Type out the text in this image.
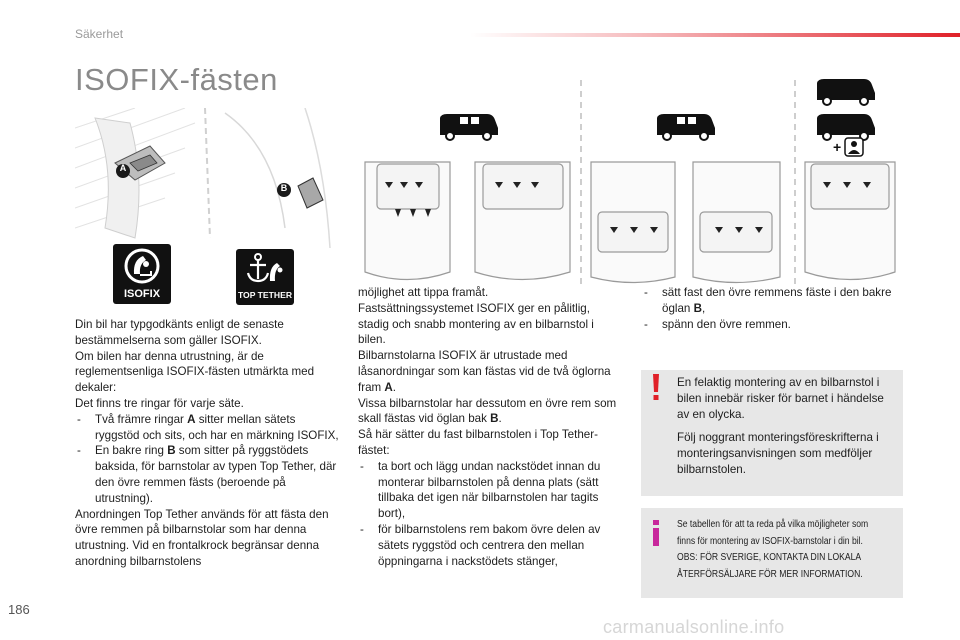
Säkerhet
ISOFIX-fästen
A
B
ISOFIX	TOP TETHER
+

Din bil har typgodkänts enligt de senaste bestämmelserna som gäller ISOFIX.

Om bilen har denna utrustning, är de reglementsenliga ISOFIX-fästen utmärkta med dekaler:

Det finns tre ringar för varje säte.

- Två främre ringar A sitter mellan sätets ryggstöd och sits, och har en märkning ISOFIX,

- En bakre ring B som sitter på ryggstödets baksida, för barnstolar av typen Top Tether, där den övre remmen fästs (beroende på utrustning).

Anordningen Top Tether används för att fästa den övre remmen på bilbarnstolar som har denna utrustning. Vid en frontalkrock begränsar denna anordning bilbarnstolens

möjlighet att tippa framåt.

Fastsättningssystemet ISOFIX ger en pålitlig, stadig och snabb montering av en bilbarnstol i bilen.

Bilbarnstolarna ISOFIX är utrustade med låsanordningar som kan fästas vid de två öglorna fram A.

Vissa bilbarnstolar har dessutom en övre rem som skall fästas vid öglan bak B.

Så här sätter du fast bilbarnstolen i Top Tether-fästet:

- ta bort och lägg undan nackstödet innan du monterar bilbarnstolen på denna plats (sätt tillbaka det igen när bilbarnstolen har tagits bort),

- för bilbarnstolens rem bakom övre delen av sätets ryggstöd och centrera den mellan öppningarna i nackstödets stänger,

- sätt fast den övre remmens fäste i den bakre öglan B,

- spänn den övre remmen.

En felaktig montering av en bilbarnstol i bilen innebär risker för barnet i händelse av en olycka.

Följ noggrant monteringsföreskrifterna i monteringsanvisningen som medföljer bilbarnstolen.

Se tabellen för att ta reda på vilka möjligheter som
finns för montering av ISOFIX-barnstolar i din bil.
OBS: FÖR SVERIGE, KONTAKTA DIN LOKALA
ÅTERFÖRSÄLJARE FÖR MER INFORMATION.
186
carmanualsonline.info
